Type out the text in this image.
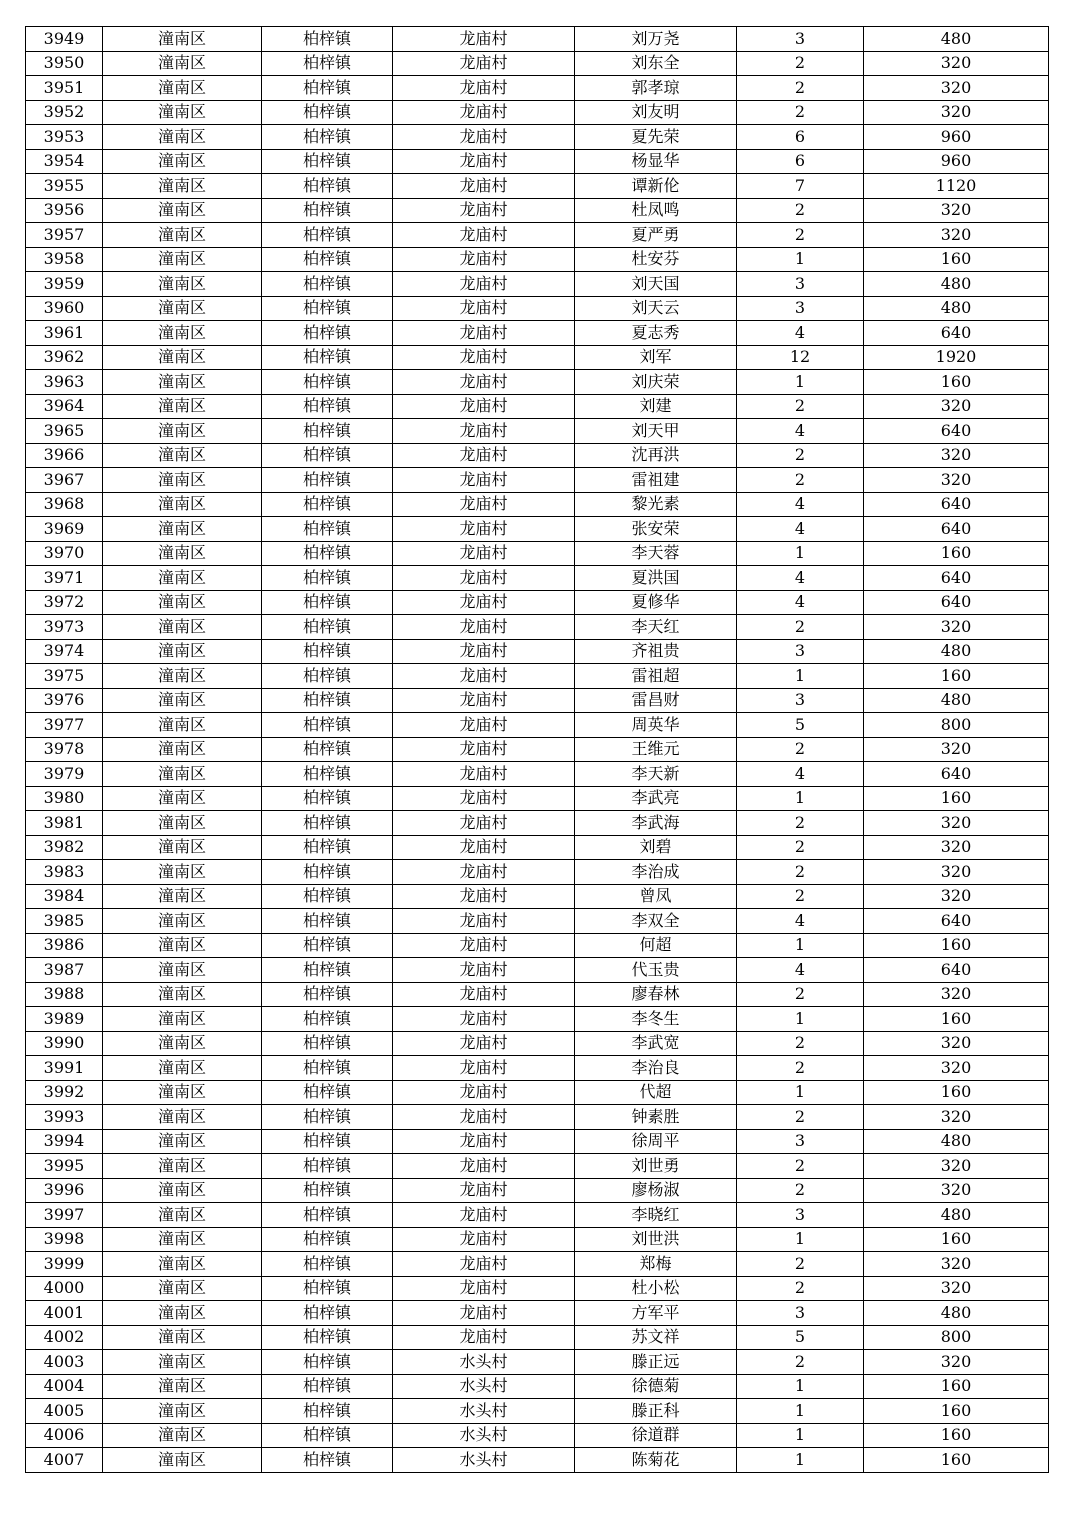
3949	潼南区	柏梓镇	龙庙村	刘万尧	3	480
3950	潼南区	柏梓镇	龙庙村	刘东全	2	320
3951	潼南区	柏梓镇	龙庙村	郭孝琼	2	320
3952	潼南区	柏梓镇	龙庙村	刘友明	2	320
3953	潼南区	柏梓镇	龙庙村	夏先荣	6	960
3954	潼南区	柏梓镇	龙庙村	杨显华	6	960
3955	潼南区	柏梓镇	龙庙村	谭新伦	7	1120
3956	潼南区	柏梓镇	龙庙村	杜凤鸣	2	320
3957	潼南区	柏梓镇	龙庙村	夏严勇	2	320
3958	潼南区	柏梓镇	龙庙村	杜安芬	1	160
3959	潼南区	柏梓镇	龙庙村	刘天国	3	480
3960	潼南区	柏梓镇	龙庙村	刘天云	3	480
3961	潼南区	柏梓镇	龙庙村	夏志秀	4	640
3962	潼南区	柏梓镇	龙庙村	刘军	12	1920
3963	潼南区	柏梓镇	龙庙村	刘庆荣	1	160
3964	潼南区	柏梓镇	龙庙村	刘建	2	320
3965	潼南区	柏梓镇	龙庙村	刘天甲	4	640
3966	潼南区	柏梓镇	龙庙村	沈再洪	2	320
3967	潼南区	柏梓镇	龙庙村	雷祖建	2	320
3968	潼南区	柏梓镇	龙庙村	黎光素	4	640
3969	潼南区	柏梓镇	龙庙村	张安荣	4	640
3970	潼南区	柏梓镇	龙庙村	李天蓉	1	160
3971	潼南区	柏梓镇	龙庙村	夏洪国	4	640
3972	潼南区	柏梓镇	龙庙村	夏修华	4	640
3973	潼南区	柏梓镇	龙庙村	李天红	2	320
3974	潼南区	柏梓镇	龙庙村	齐祖贵	3	480
3975	潼南区	柏梓镇	龙庙村	雷祖超	1	160
3976	潼南区	柏梓镇	龙庙村	雷昌财	3	480
3977	潼南区	柏梓镇	龙庙村	周英华	5	800
3978	潼南区	柏梓镇	龙庙村	王维元	2	320
3979	潼南区	柏梓镇	龙庙村	李天新	4	640
3980	潼南区	柏梓镇	龙庙村	李武亮	1	160
3981	潼南区	柏梓镇	龙庙村	李武海	2	320
3982	潼南区	柏梓镇	龙庙村	刘碧	2	320
3983	潼南区	柏梓镇	龙庙村	李治成	2	320
3984	潼南区	柏梓镇	龙庙村	曾凤	2	320
3985	潼南区	柏梓镇	龙庙村	李双全	4	640
3986	潼南区	柏梓镇	龙庙村	何超	1	160
3987	潼南区	柏梓镇	龙庙村	代玉贵	4	640
3988	潼南区	柏梓镇	龙庙村	廖春林	2	320
3989	潼南区	柏梓镇	龙庙村	李冬生	1	160
3990	潼南区	柏梓镇	龙庙村	李武宽	2	320
3991	潼南区	柏梓镇	龙庙村	李治良	2	320
3992	潼南区	柏梓镇	龙庙村	代超	1	160
3993	潼南区	柏梓镇	龙庙村	钟素胜	2	320
3994	潼南区	柏梓镇	龙庙村	徐周平	3	480
3995	潼南区	柏梓镇	龙庙村	刘世勇	2	320
3996	潼南区	柏梓镇	龙庙村	廖杨淑	2	320
3997	潼南区	柏梓镇	龙庙村	李晓红	3	480
3998	潼南区	柏梓镇	龙庙村	刘世洪	1	160
3999	潼南区	柏梓镇	龙庙村	郑梅	2	320
4000	潼南区	柏梓镇	龙庙村	杜小松	2	320
4001	潼南区	柏梓镇	龙庙村	方军平	3	480
4002	潼南区	柏梓镇	龙庙村	苏文祥	5	800
4003	潼南区	柏梓镇	水头村	滕正远	2	320
4004	潼南区	柏梓镇	水头村	徐德菊	1	160
4005	潼南区	柏梓镇	水头村	滕正科	1	160
4006	潼南区	柏梓镇	水头村	徐道群	1	160
4007	潼南区	柏梓镇	水头村	陈菊花	1	160
